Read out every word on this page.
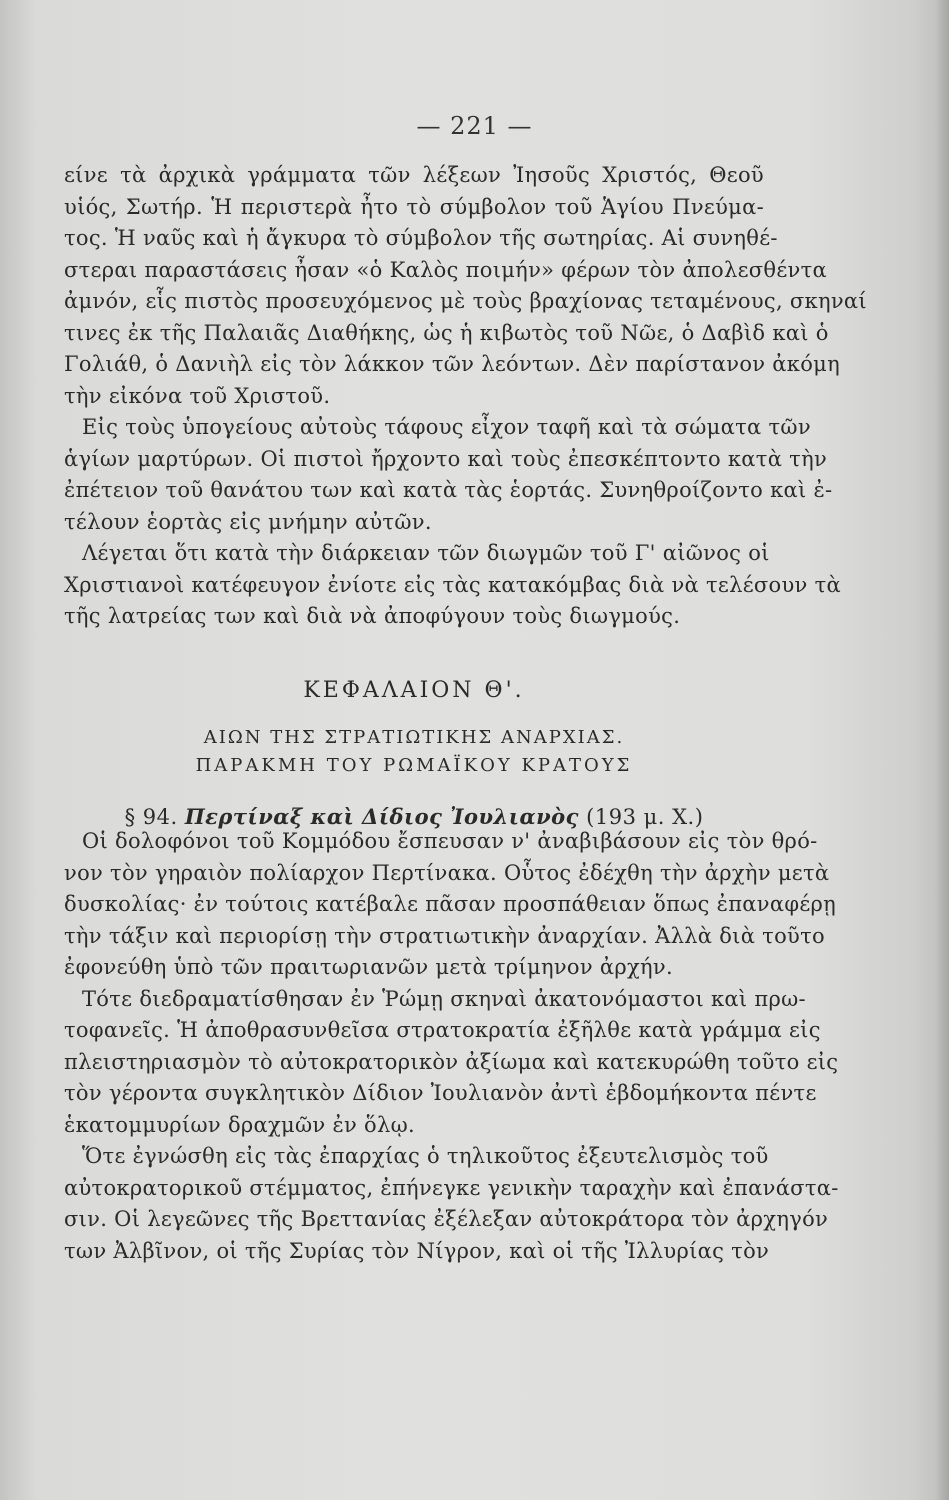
— 221 —
είνε τὰ ἀρχικὰ γράμματα τῶν λέξεων Ἰησοῦς Χριστός, Θεοῦ
υἱός, Σωτήρ. Ἡ περιστερὰ ἦτο τὸ σύμβολον τοῦ Ἁγίου Πνεύμα-
τος. Ἡ ναῦς καὶ ἡ ἄγκυρα τὸ σύμβολον τῆς σωτηρίας. Αἱ συνηθέ-
στεραι παραστάσεις ἦσαν «ὁ Καλὸς ποιμήν» φέρων τὸν ἀπολεσθέντα
ἀμνόν, εἷς πιστὸς προσευχόμενος μὲ τοὺς βραχίονας τεταμένους, σκηναί
τινες ἐκ τῆς Παλαιᾶς Διαθήκης, ὡς ἡ κιβωτὸς τοῦ Νῶε, ὁ Δαβὶδ καὶ ὁ
Γολιάθ, ὁ Δανιὴλ εἰς τὸν λάκκον τῶν λεόντων. Δὲν παρίστανον ἀκόμη
τὴν εἰκόνα τοῦ Χριστοῦ.
Εἰς τοὺς ὑπογείους αὐτοὺς τάφους εἶχον ταφῆ καὶ τὰ σώματα τῶν
ἁγίων μαρτύρων. Οἱ πιστοὶ ἤρχοντο καὶ τοὺς ἐπεσκέπτοντο κατὰ τὴν
ἐπέτειον τοῦ θανάτου των καὶ κατὰ τὰς ἑορτάς. Συνηθροίζοντο καὶ ἐ-
τέλουν ἑορτὰς εἰς μνήμην αὐτῶν.
Λέγεται ὅτι κατὰ τὴν διάρκειαν τῶν διωγμῶν τοῦ Γ' αἰῶνος οἱ
Χριστιανοὶ κατέφευγον ἐνίοτε εἰς τὰς κατακόμβας διὰ νὰ τελέσουν τὰ
τῆς λατρείας των καὶ διὰ νὰ ἀποφύγουν τοὺς διωγμούς.
ΚΕΦΑΛΑΙΟΝ Θ'.
ΑΙΩΝ ΤΗΣ ΣΤΡΑΤΙΩΤΙΚΗΣ ΑΝΑΡΧΙΑΣ.
ΠΑΡΑΚΜΗ ΤΟΥ ΡΩΜΑΪΚΟΥ ΚΡΑΤΟΥΣ
§ 94. Περτίναξ καὶ Δίδιος Ἰουλιανὸς (193 μ. Χ.)
Οἱ δολοφόνοι τοῦ Κομμόδου ἔσπευσαν ν' ἀναβιβάσουν εἰς τὸν θρό-
νον τὸν γηραιὸν πολίαρχον Περτίνακα. Οὗτος ἐδέχθη τὴν ἀρχὴν μετὰ
δυσκολίας· ἐν τούτοις κατέβαλε πᾶσαν προσπάθειαν ὅπως ἐπαναφέρῃ
τὴν τάξιν καὶ περιορίσῃ τὴν στρατιωτικὴν ἀναρχίαν. Ἀλλὰ διὰ τοῦτο
ἐφονεύθη ὑπὸ τῶν πραιτωριανῶν μετὰ τρίμηνον ἀρχήν.
Τότε διεδραματίσθησαν ἐν Ῥώμῃ σκηναὶ ἀκατονόμαστοι καὶ πρω-
τοφανεῖς. Ἡ ἀποθρασυνθεῖσα στρατοκρατία ἐξῆλθε κατὰ γράμμα εἰς
πλειστηριασμὸν τὸ αὐτοκρατορικὸν ἀξίωμα καὶ κατεκυρώθη τοῦτο εἰς
τὸν γέροντα συγκλητικὸν Δίδιον Ἰουλιανὸν ἀντὶ ἑβδομήκοντα πέντε
ἑκατομμυρίων δραχμῶν ἐν ὅλῳ.
Ὅτε ἐγνώσθη εἰς τὰς ἐπαρχίας ὁ τηλικοῦτος ἐξευτελισμὸς τοῦ
αὐτοκρατορικοῦ στέμματος, ἐπήνεγκε γενικὴν ταραχὴν καὶ ἐπανάστα-
σιν. Οἱ λεγεῶνες τῆς Βρεττανίας ἐξέλεξαν αὐτοκράτορα τὸν ἀρχηγόν
των Ἀλβῖνον, οἱ τῆς Συρίας τὸν Νίγρον, καὶ οἱ τῆς Ἰλλυρίας τὸν
